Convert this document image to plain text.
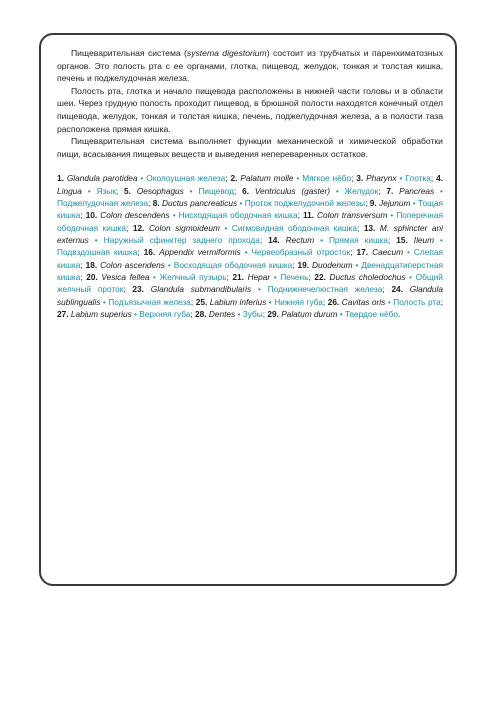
Пищеварительная система (systema digestorium) состоит из трубчатых и паренхиматозных органов. Это полость рта с ее органами, глотка, пищевод, желудок, тонкая и толстая кишка, печень и поджелудочная железа.

Полость рта, глотка и начало пищевода расположены в нижней части головы и в области шеи. Через грудную полость проходит пищевод, в брюшной полости находятся конечный отдел пищевода, желудок, тонкая и толстая кишка, печень, поджелудочная железа, а в полости таза расположена прямая кишка.

Пищеварительная система выполняет функции механической и химической обработки пищи, всасывания пищевых веществ и выведения непереваренных остатков.

1. Glandula parotidea • Околоушная железа; 2. Palatum molle • Мягкое нёбо; 3. Pharynx • Глотка; 4. Lingua • Язык; 5. Oesophagus • Пищевод; 6. Ventriculus (gaster) • Желудок; 7. Pancreas • Поджелудочная железа; 8. Ductus pancreaticus • Проток поджелудочной железы; 9. Jejunum • Тощая кишка; 10. Colon descendens • Нисходящая ободочная кишка; 11. Colon transversum • Поперечная ободочная кишка; 12. Colon sigmoideum • Сигмовидная ободочная кишка; 13. M. sphincter ani externus • Наружный сфинктер заднего прохода; 14. Rectum • Прямая кишка; 15. Ileum • Подвздошная кишка; 16. Appendix vermiformis • Червеобразный отросток; 17. Caecum • Слепая кишка; 18. Colon ascendens • Восходящая ободочная кишка; 19. Duodenum • Двенадцатиперстная кишка; 20. Vesica fellea • Желчный пузырь; 21. Hepar • Печень; 22. Ductus choledochus • Общий желчный проток; 23. Glandula submandibularis • Поднижнечелюстная железа; 24. Glandula sublingualis • Подъязычная железа; 25. Labium inferius • Нижняя губа; 26. Cavitas oris • Полость рта; 27. Labium superius • Верхняя губа; 28. Dentes • Зубы; 29. Palatum durum • Твердое нёбо.
